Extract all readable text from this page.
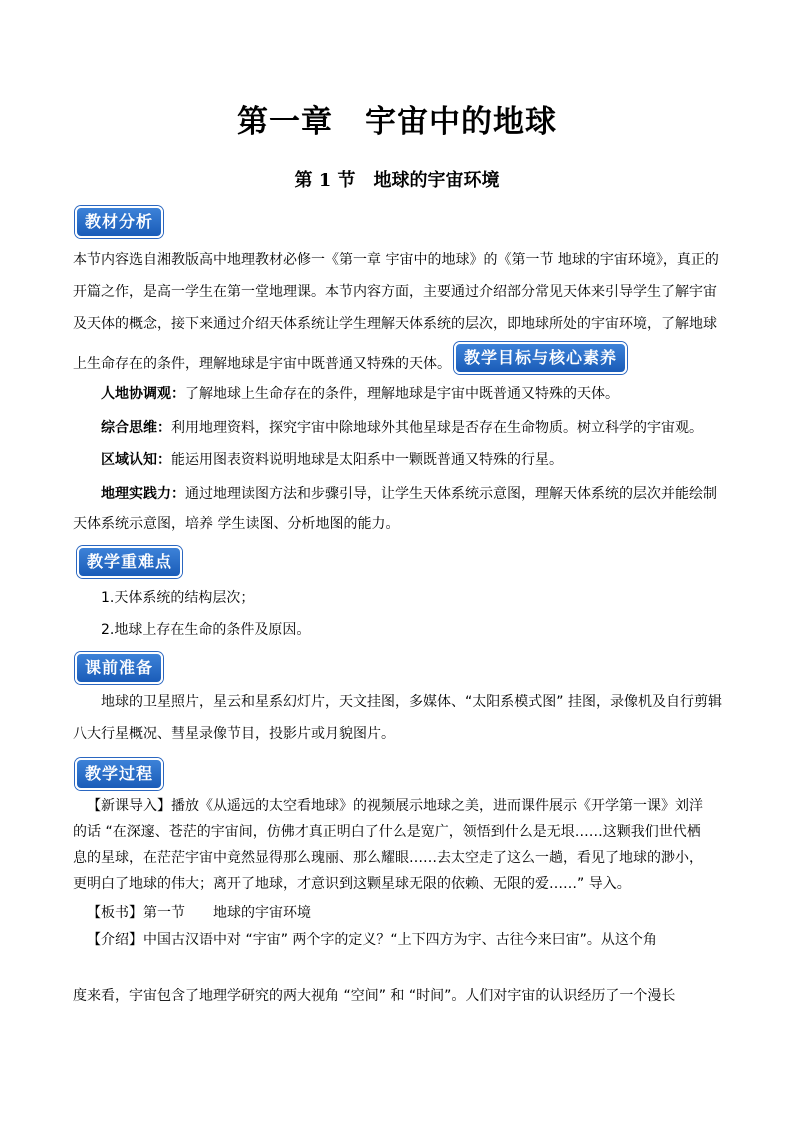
第一章　宇宙中的地球
第 1 节　地球的宇宙环境
教材分析
本节内容选自湘教版高中地理教材必修一《第一章 宇宙中的地球》的《第一节 地球的宇宙环境》，真正的
开篇之作，是高一学生在第一堂地理课。本节内容方面，主要通过介绍部分常见天体来引导学生了解宇宙
及天体的概念，接下来通过介绍天体系统让学生理解天体系统的层次，即地球所处的宇宙环境，了解地球
上生命存在的条件，理解地球是宇宙中既普通又特殊的天体。 教学目标与核心素养
人地协调观：了解地球上生命存在的条件，理解地球是宇宙中既普通又特殊的天体。
综合思维：利用地理资料，探究宇宙中除地球外其他星球是否存在生命物质。树立科学的宇宙观。
区域认知：能运用图表资料说明地球是太阳系中一颗既普通又特殊的行星。
地理实践力：通过地理读图方法和步骤引导，让学生天体系统示意图，理解天体系统的层次并能绘制
天体系统示意图，培养 学生读图、分析地图的能力。
教学重难点
1.天体系统的结构层次；
2.地球上存在生命的条件及原因。
课前准备
地球的卫星照片，星云和星系幻灯片，天文挂图，多媒体、“太阳系模式图” 挂图，录像机及自行剪辑
八大行星概况、彗星录像节目，投影片或月貌图片。
教学过程
【新课导入】播放《从遥远的太空看地球》的视频展示地球之美，进而课件展示《开学第一课》刘洋
的话 “在深邃、苍茫的宇宙间，仿佛才真正明白了什么是宽广，领悟到什么是无垠……这颗我们世代栖
息的星球，在茫茫宇宙中竟然显得那么瑰丽、那么耀眼……去太空走了这么一趟，看见了地球的渺小，
更明白了地球的伟大；离开了地球，才意识到这颗星球无限的依赖、无限的爱……” 导入。
【板书】第一节　　地球的宇宙环境
【介绍】中国古汉语中对 “宇宙” 两个字的定义？“上下四方为宇、古往今来曰宙”。从这个角
度来看，宇宙包含了地理学研究的两大视角 “空间” 和 “时间”。人们对宇宙的认识经历了一个漫长
